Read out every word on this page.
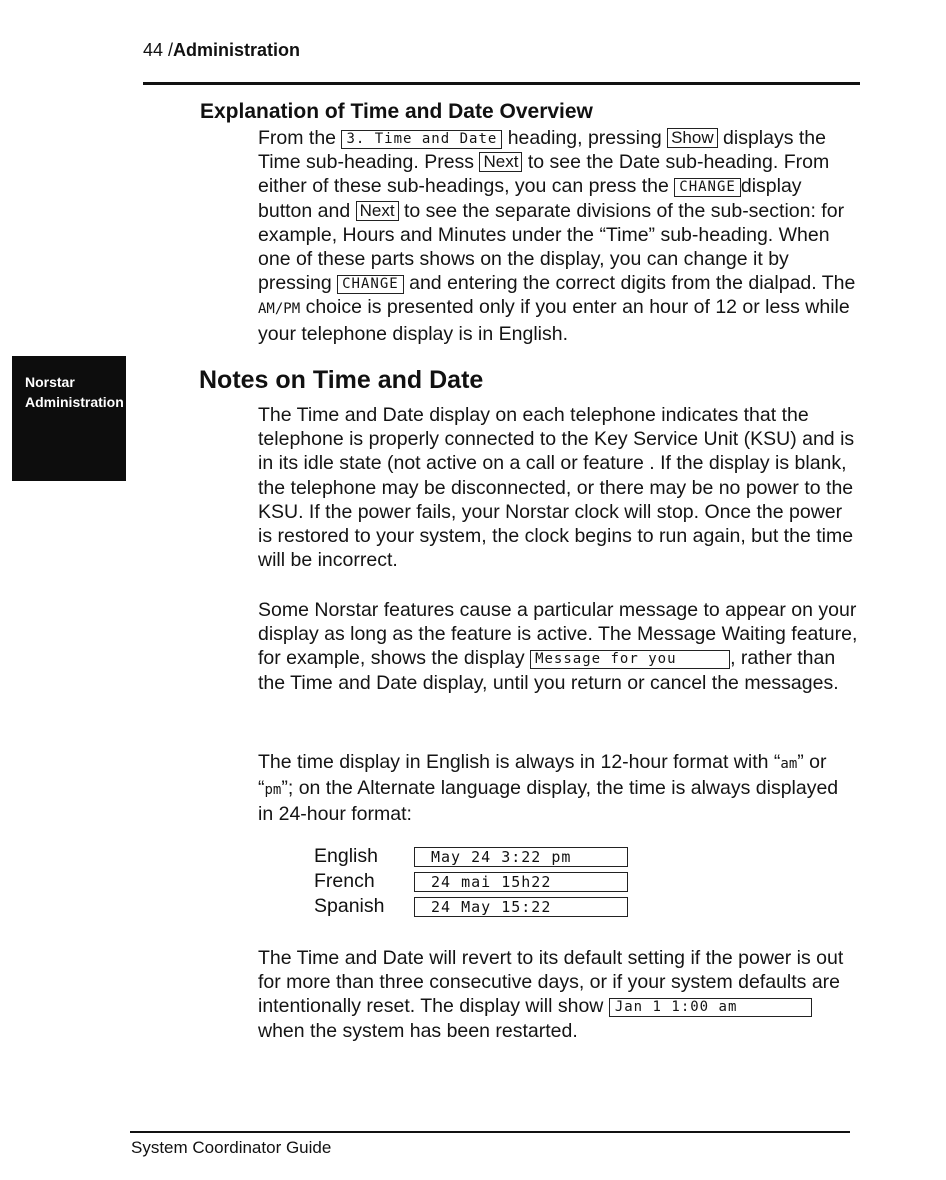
44 /Administration
Norstar
Administration
Explanation of Time and Date Overview
From the 3. Time and Date heading, pressing Show displays the Time sub-heading. Press Next to see the Date sub-heading. From either of these sub-headings, you can press the CHANGE display button and Next to see the separate divisions of the sub-section: for example, Hours and Minutes under the “Time” sub-heading. When one of these parts shows on the display, you can change it by pressing CHANGE and entering the correct digits from the dialpad. The AM/PM choice is presented only if you enter an hour of 12 or less while your telephone display is in English.
Notes on Time and Date
The Time and Date display on each telephone indicates that the telephone is properly connected to the Key Service Unit (KSU) and is in its idle state (not active on a call or feature . If the display is blank, the telephone may be disconnected, or there may be no power to the KSU. If the power fails, your Norstar clock will stop. Once the power is restored to your system, the clock begins to run again, but the time will be incorrect.
Some Norstar features cause a particular message to appear on your display as long as the feature is active. The Message Waiting feature, for example, shows the display Message for you	, rather than the Time and Date display, until you return or cancel the messages.
The time display in English is always in 12-hour format with “am” or “pm”; on the Alternate language display, the time is always displayed in 24-hour format:
English	May 24 3:22 pm
French	24 mai 15h22
Spanish	24 May 15:22
The Time and Date will revert to its default setting if the power is out for more than three consecutive days, or if your system defaults are intentionally reset. The display will show Jan 1 1:00 am when the system has been restarted.
System Coordinator Guide
